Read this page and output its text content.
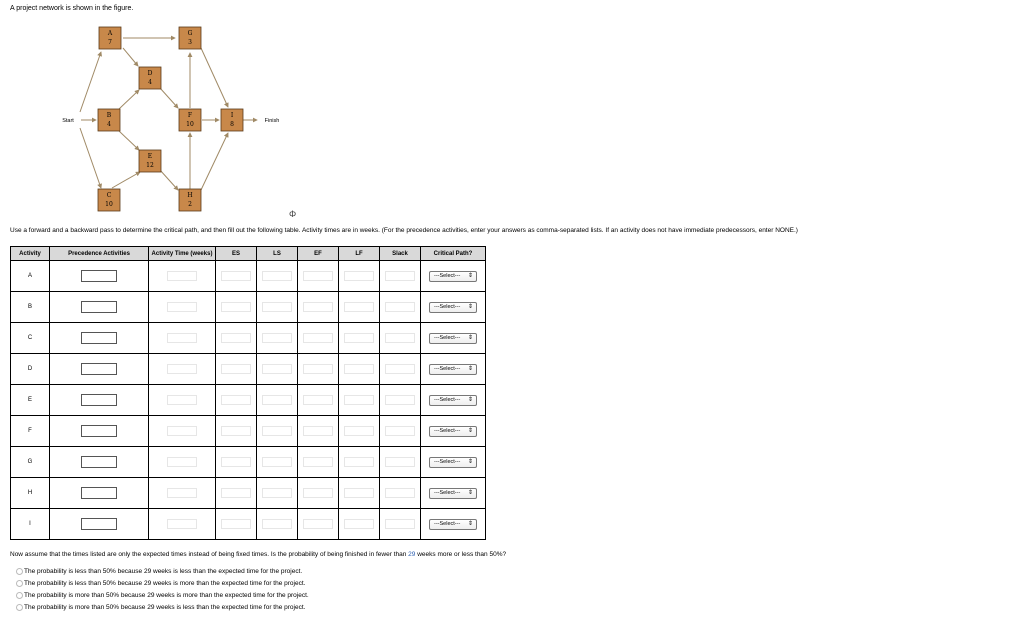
A project network is shown in the figure.
Start	Finish
A
7
G
3
D
4
B
4
F
10
I
8
E
12
C
10
H
2
Φ
Use a forward and a backward pass to determine the critical path, and then fill out the following table. Activity times are in weeks. (For the precedence activities, enter your answers as comma-separated lists. If an activity does not have immediate predecessors, enter NONE.)
Activity	Precedence Activities	Activity Time (weeks)	ES	LS	EF	LF	Slack	Critical Path?
A								---Select--- ⇕

B								---Select--- ⇕

C								---Select--- ⇕

D								---Select--- ⇕

E								---Select--- ⇕

F								---Select--- ⇕

G								---Select--- ⇕

H								---Select--- ⇕

I								---Select--- ⇕
Now assume that the times listed are only the expected times instead of being fixed times. Is the probability of being finished in fewer than 29 weeks more or less than 50%?
The probability is less than 50% because 29 weeks is less than the expected time for the project.
The probability is less than 50% because 29 weeks is more than the expected time for the project.
The probability is more than 50% because 29 weeks is more than the expected time for the project.
The probability is more than 50% because 29 weeks is less than the expected time for the project.
